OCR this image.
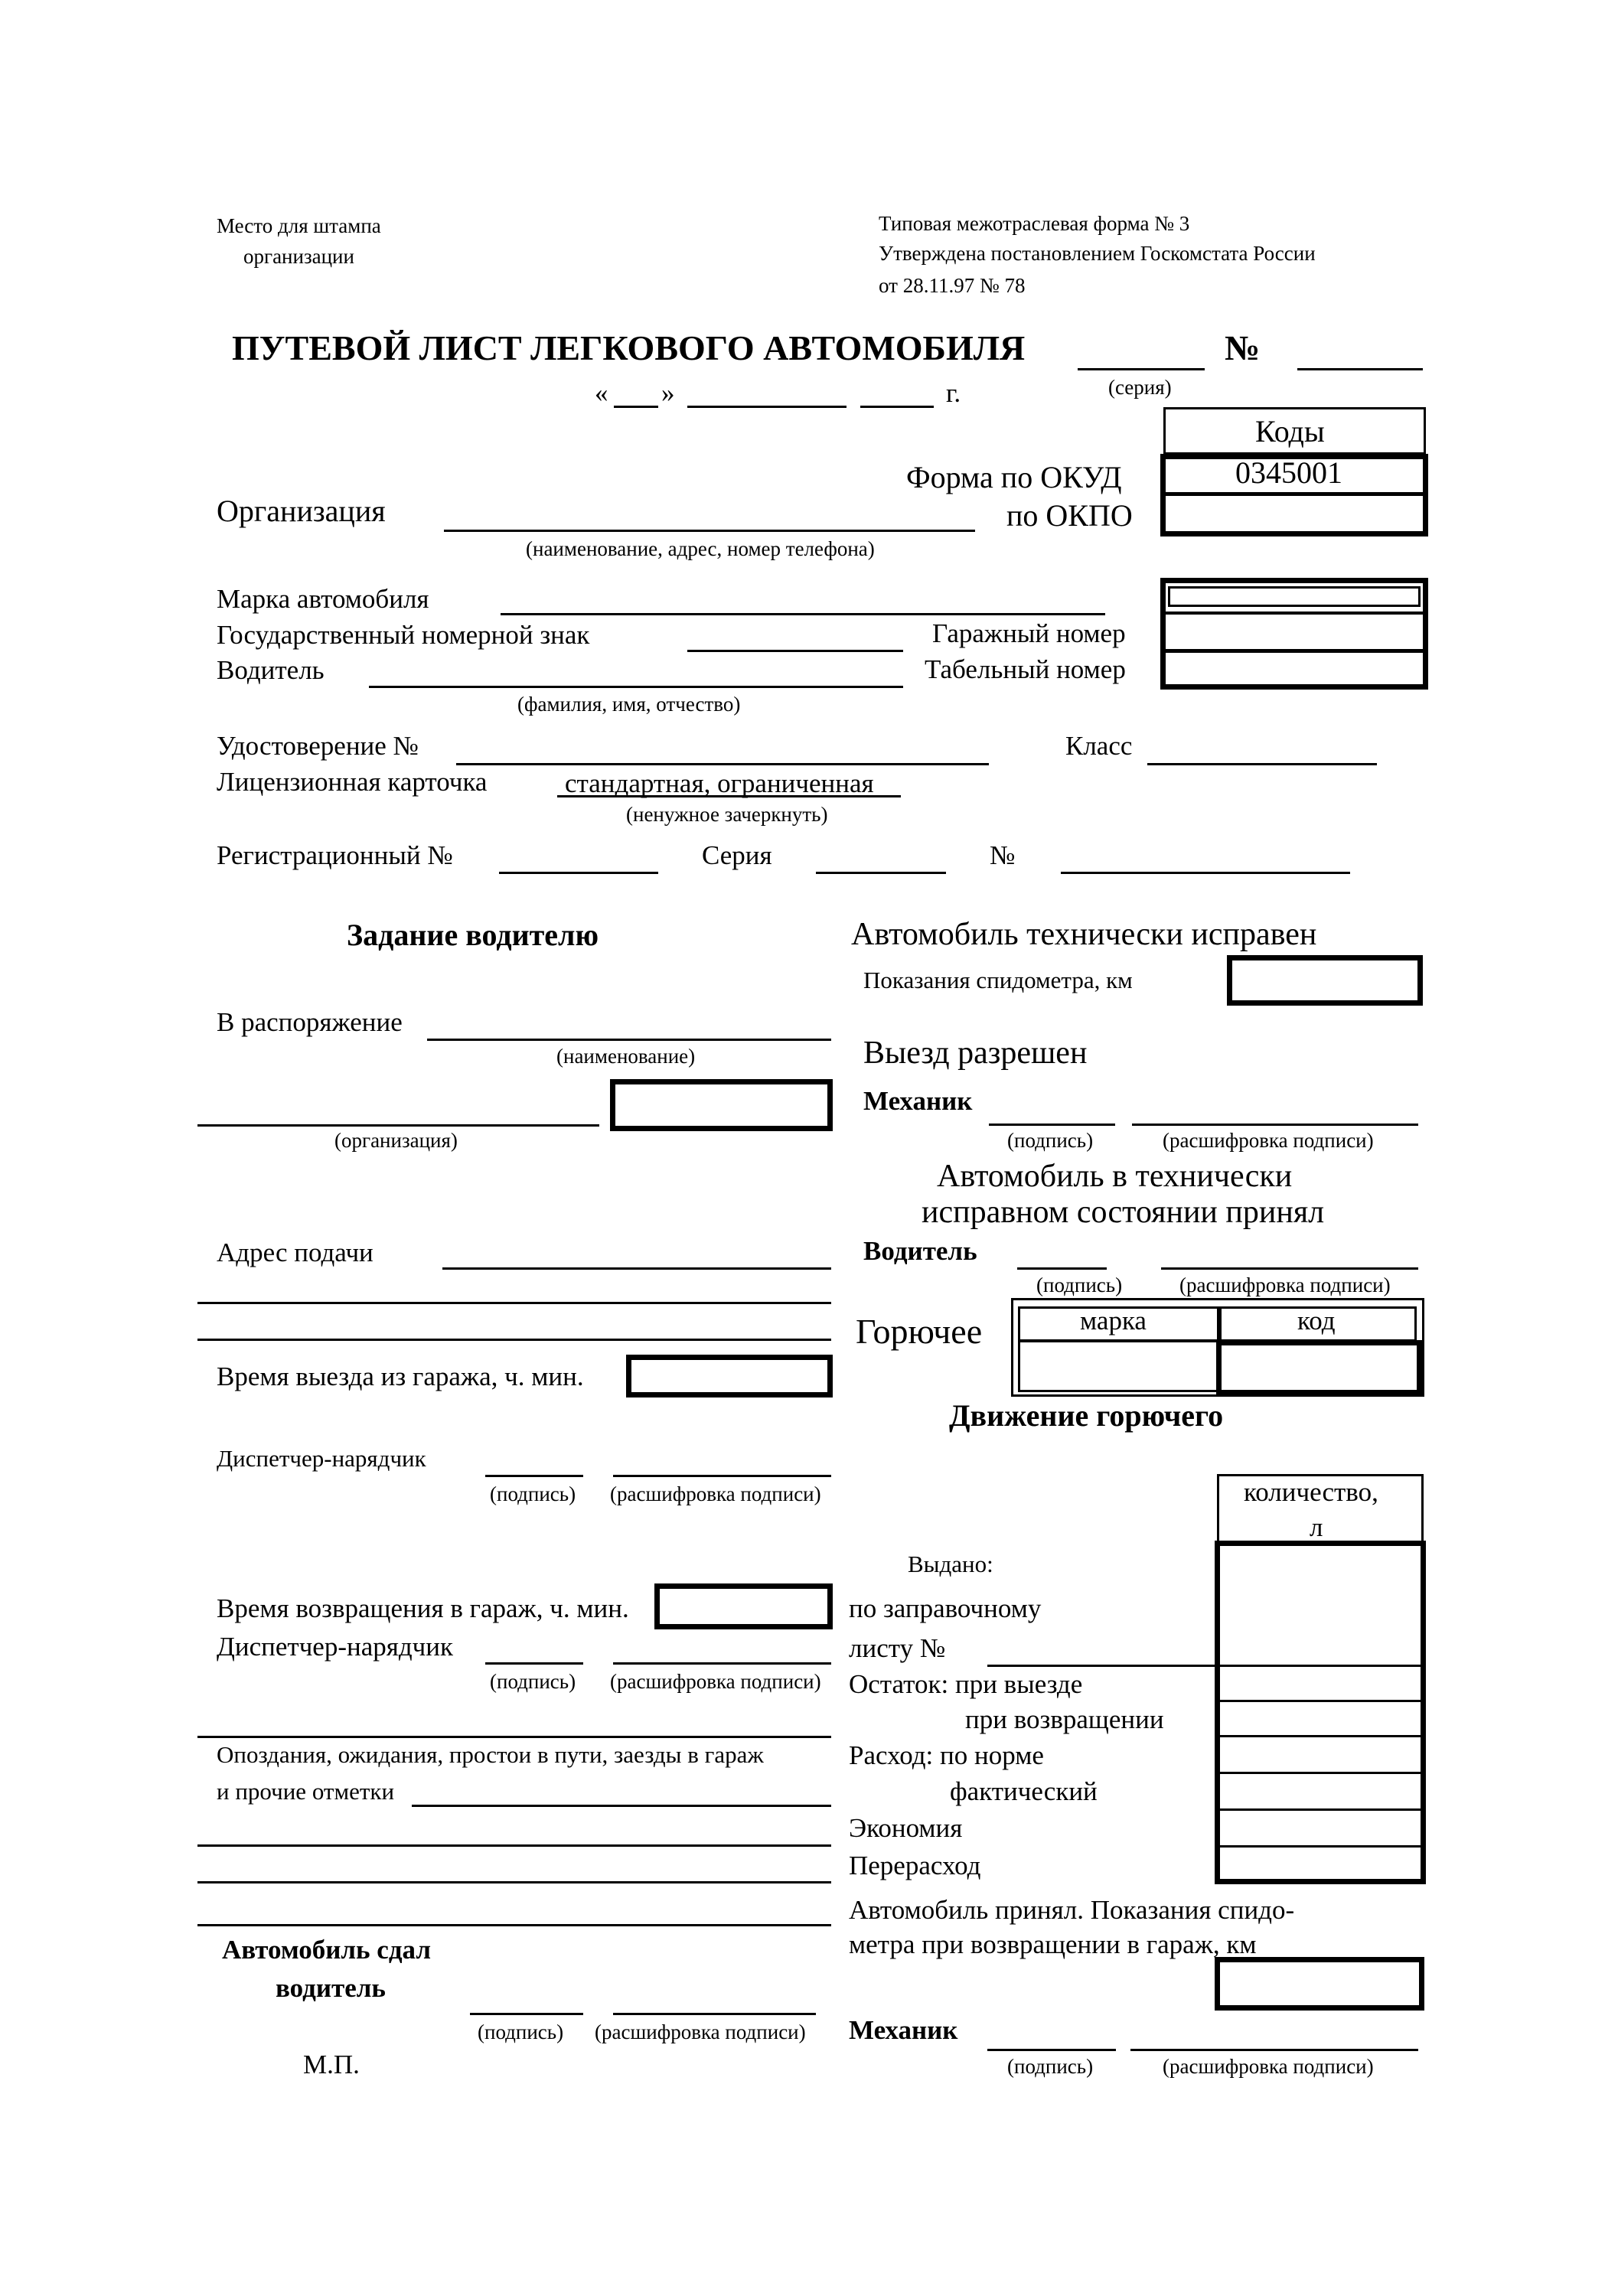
Место для штампа
организации
Типовая межотраслевая форма № 3
Утверждена постановлением Госкомстата России
от 28.11.97 № 78
ПУТЕВОЙ ЛИСТ ЛЕГКОВОГО АВТОМОБИЛЯ	№
(серия)
« »	г.
Коды
0345001
Форма по ОКУД
по ОКПО
Организация
(наименование, адрес, номер телефона)
Марка автомобиля
Государственный номерной знак	Гаражный номер
Водитель	Табельный номер
(фамилия, имя, отчество)
Удостоверение №	Класс
Лицензионная карточка	стандартная, ограниченная
(ненужное зачеркнуть)
Регистрационный №	Серия	№
Задание водителю
В распоряжение
(наименование)
(организация)
Адрес подачи
Время выезда из гаража, ч. мин.
Диспетчер-нарядчик
(подпись) (расшифровка подписи)
Время возвращения в гараж, ч. мин.
Диспетчер-нарядчик
(подпись) (расшифровка подписи)
Опоздания, ожидания, простои в пути, заезды в гараж
и прочие отметки
Автомобиль сдал
водитель
(подпись) (расшифровка подписи)
М.П.
Автомобиль технически исправен
Показания спидометра, км
Выезд разрешен
Механик
(подпись)	(расшифровка подписи)
Автомобиль в технически
исправном состоянии принял
Водитель
(подпись)	(расшифровка подписи)
Горючее	марка	код
Движение горючего
количество,
л
Выдано:
по заправочному
листу №
Остаток: при выезде
при возвращении
Расход: по норме
фактический
Экономия
Перерасход
Автомобиль принял. Показания спидо-
метра при возвращении в гараж, км
Механик
(подпись)	(расшифровка подписи)
